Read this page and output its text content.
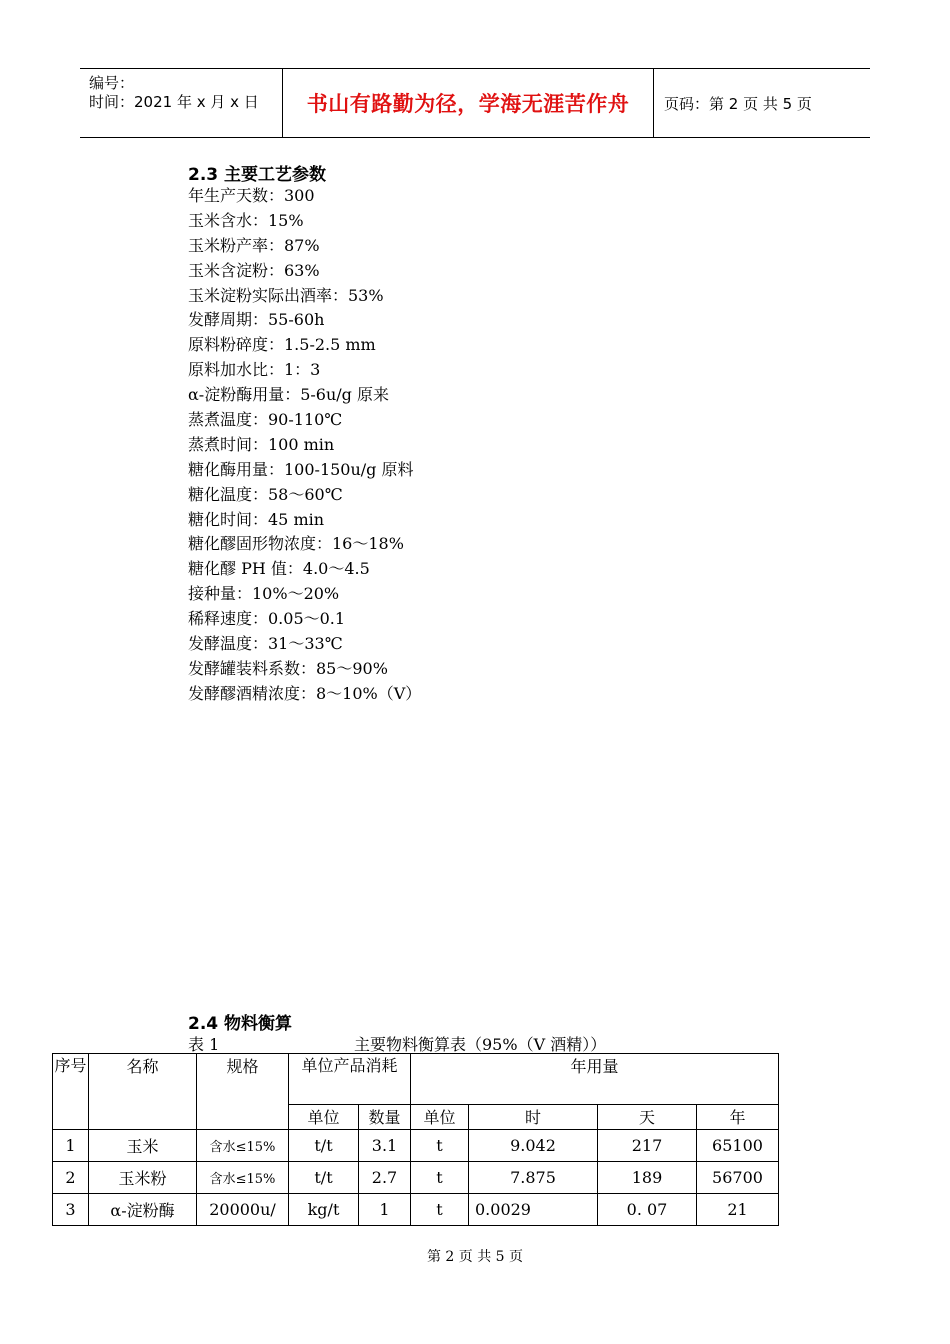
编号：
时间：2021 年 x 月 x 日	书山有路勤为径，学海无涯苦作舟	页码：第 2 页 共 5 页
2.3 主要工艺参数
年生产天数：300
玉米含水：15%
玉米粉产率：87%
玉米含淀粉：63%
玉米淀粉实际出酒率：53%
发酵周期：55-60h
原料粉碎度：1.5-2.5 mm
原料加水比：1：3
α-淀粉酶用量：5-6u/g 原来
蒸煮温度：90-110℃
蒸煮时间：100 min
糖化酶用量：100-150u/g 原料
糖化温度：58～60℃
糖化时间：45 min
糖化醪固形物浓度：16～18%
糖化醪 PH 值：4.0～4.5
接种量：10%～20%
稀释速度：0.05～0.1
发酵温度：31～33℃
发酵罐装料系数：85～90%
发酵醪酒精浓度：8～10%（V）
2.4 物料衡算
表 1	主要物料衡算表（95%（V 酒精））
序号	名称	规格	单位产品消耗		年用量			
			单位	数量	单位	时	天	年
1	玉米	含水≤15%	t/t	3.1	t	9.042	217	65100
2	玉米粉	含水≤15%	t/t	2.7	t	7.875	189	56700
3	α-淀粉酶	20000u/	kg/t	1	t	0.0029	0. 07	21
第 2 页 共 5 页
